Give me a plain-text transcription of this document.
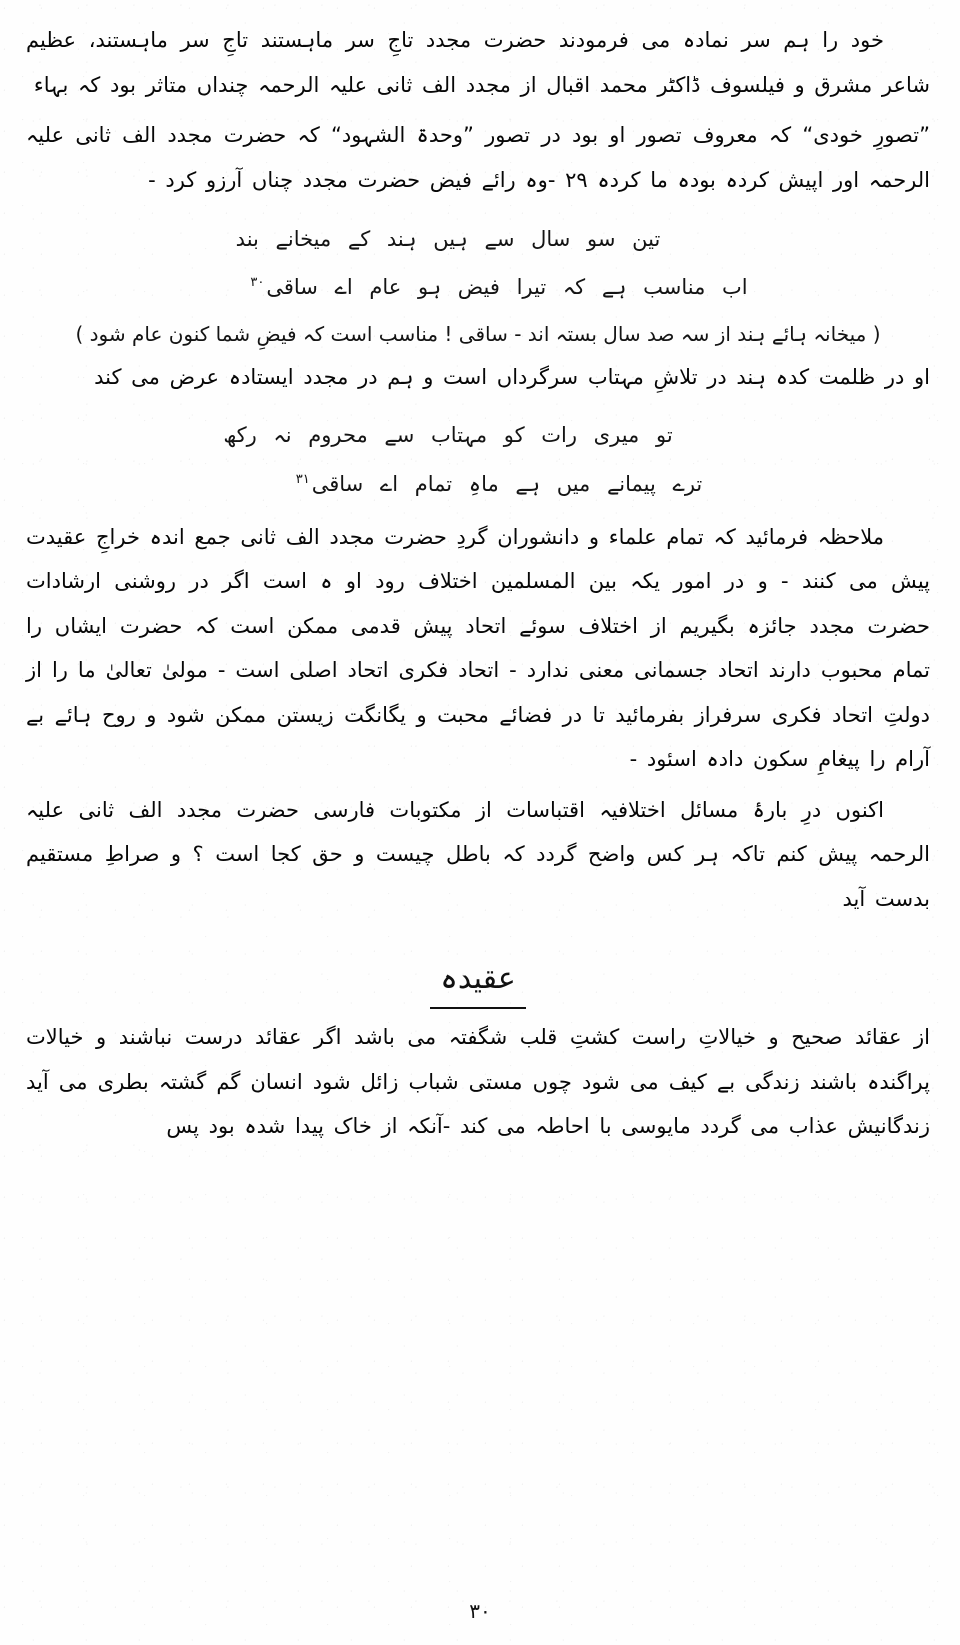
خود را ہم سر نمادہ می فرمودند حضرت مجدد تاجِ سر ماہستند تاجِ سر ماہستند، عظیم شاعر مشرق و فیلسوف ڈاکٹر محمد اقبال از مجدد الف ثانی علیہ الرحمہ چنداں متاثر بود کہ بہاء
”تصورِ خودی“ کہ معروف تصور او بود در تصور ”وحدۃ الشہود“ کہ حضرت مجدد الف ثانی علیہ الرحمہ اور اپیش کردہ بودہ ما کردہ ۲۹ -وہ رائے فیض حضرت مجدد چناں آرزو کرد -
تین سو سال سے ہیں ہند کے میخانے بند
اب مناسب ہے کہ تیرا فیض ہو عام اے ساقی$^{۳۰}$
( میخانہ ہائے ہند از سہ صد سال بستہ اند - ساقی ! مناسب است کہ فیضِ شما کنون عام شود )
او در ظلمت کدہ ہند در تلاشِ مہتاب سرگرداں است و ہم در مجدد ایستادہ عرض می کند
تو میری رات کو مہتاب سے محروم نہ رکھ
ترے پیمانے میں ہے ماہِ تمام اے ساقی$^{۳۱}$
ملاحظہ فرمائید کہ تمام علماء و دانشوران گردِ حضرت مجدد الف ثانی جمع اندہ خراجِ عقیدت پیش می کنند - و در امور یکہ بین المسلمین اختلاف رود او ہ است اگر در روشنی ارشادات حضرت مجدد جائزہ بگیریم از اختلاف سوئے اتحاد پیش قدمی ممکن است کہ حضرت ایشاں را تمام محبوب دارند اتحاد جسمانی معنی ندارد - اتحاد فکری اتحاد اصلی است - مولیٰ تعالیٰ ما را از دولتِ اتحاد فکری سرفراز بفرمائید تا در فضائے محبت و یگانگت زیستن ممکن شود و روح ہائے بے آرام را پیغامِ سکون دادہ اسئود -
اکنوں درِ بارۂ مسائل اختلافیہ اقتباسات از مکتوبات فارسی حضرت مجدد الف ثانی علیہ الرحمہ پیش کنم تاکہ ہر کس واضح گردد کہ باطل چیست و حق کجا است ؟ و صراطِ مستقیم بدست آید
عقیدہ
از عقائد صحیح و خیالاتِ راست کشتِ قلب شگفتہ می باشد اگر عقائد درست نباشند و خیالات پراگندہ باشند زندگی بے کیف می شود چوں مستی شباب زائل شود انسان گم گشتہ بطری می آید زندگانیش عذاب می گردد مایوسی با احاطہ می کند -آنکہ از خاک پیدا شدہ بود پس
۳۰
